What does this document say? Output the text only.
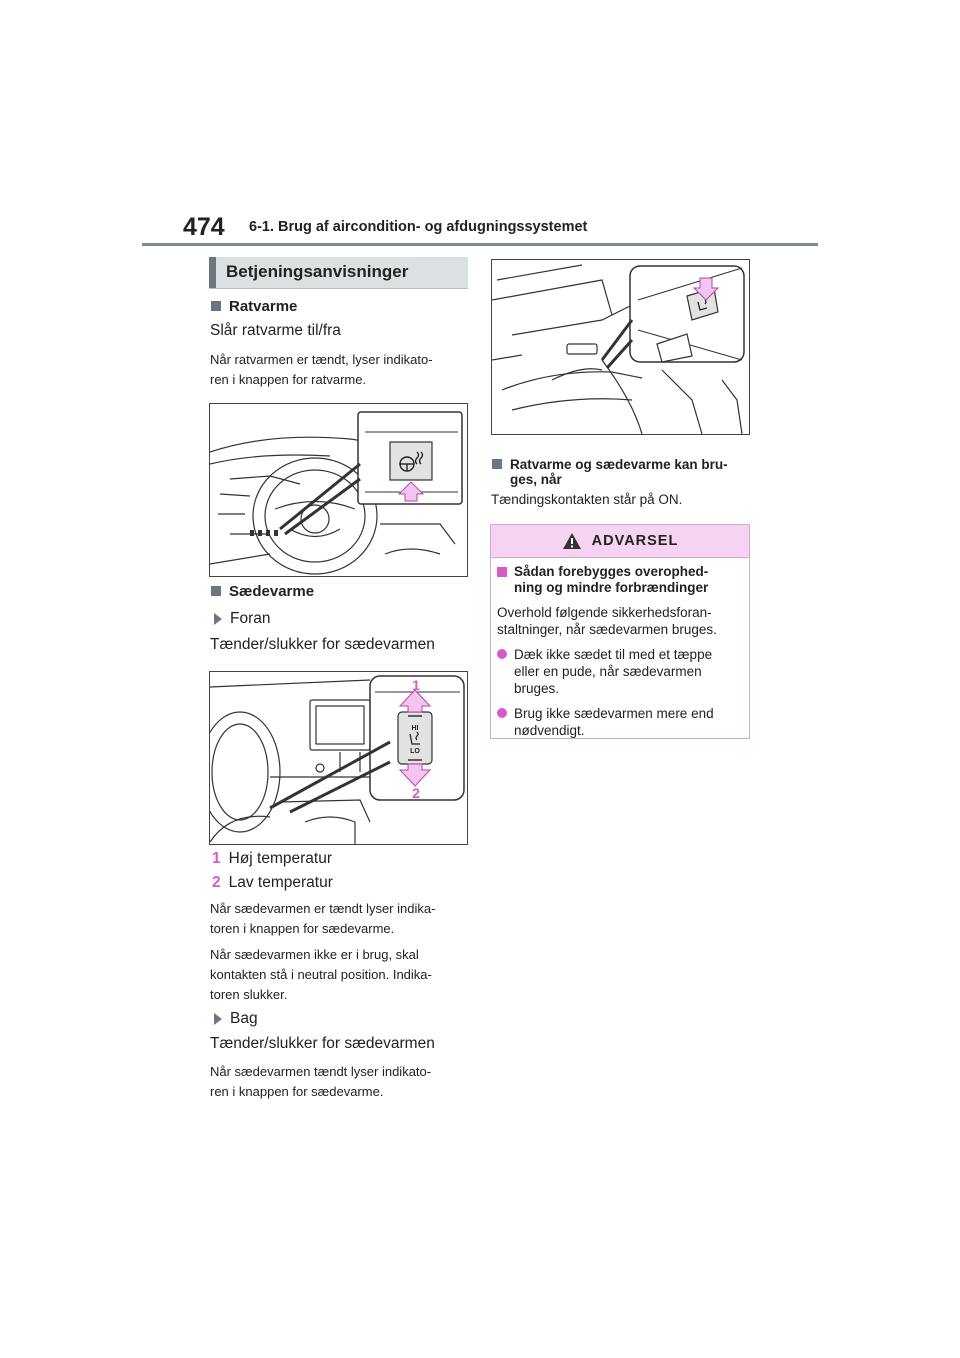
474 6-1. Brug af aircondition- og afdugningssystemet
Betjeningsanvisninger
Ratvarme
Slår ratvarme til/fra
Når ratvarmen er tændt, lyser indikato-
ren i knappen for ratvarme.
Sædevarme
Foran
Tænder/slukker for sædevarmen
HI
LO
1
2
1 Høj temperatur
2 Lav temperatur
Når sædevarmen er tændt lyser indika-
toren i knappen for sædevarme.
Når sædevarmen ikke er i brug, skal
kontakten stå i neutral position. Indika-
toren slukker.
Bag
Tænder/slukker for sædevarmen
Når sædevarmen tændt lyser indikato-
ren i knappen for sædevarme.
Ratvarme og sædevarme kan bru-
ges, når
Tændingskontakten står på ON.
ADVARSEL
Sådan forebygges overophed-
ning og mindre forbrændinger
Overhold følgende sikkerhedsforan-
staltninger, når sædevarmen bruges.
Dæk ikke sædet til med et tæppe
eller en pude, når sædevarmen
bruges.
Brug ikke sædevarmen mere end
nødvendigt.
